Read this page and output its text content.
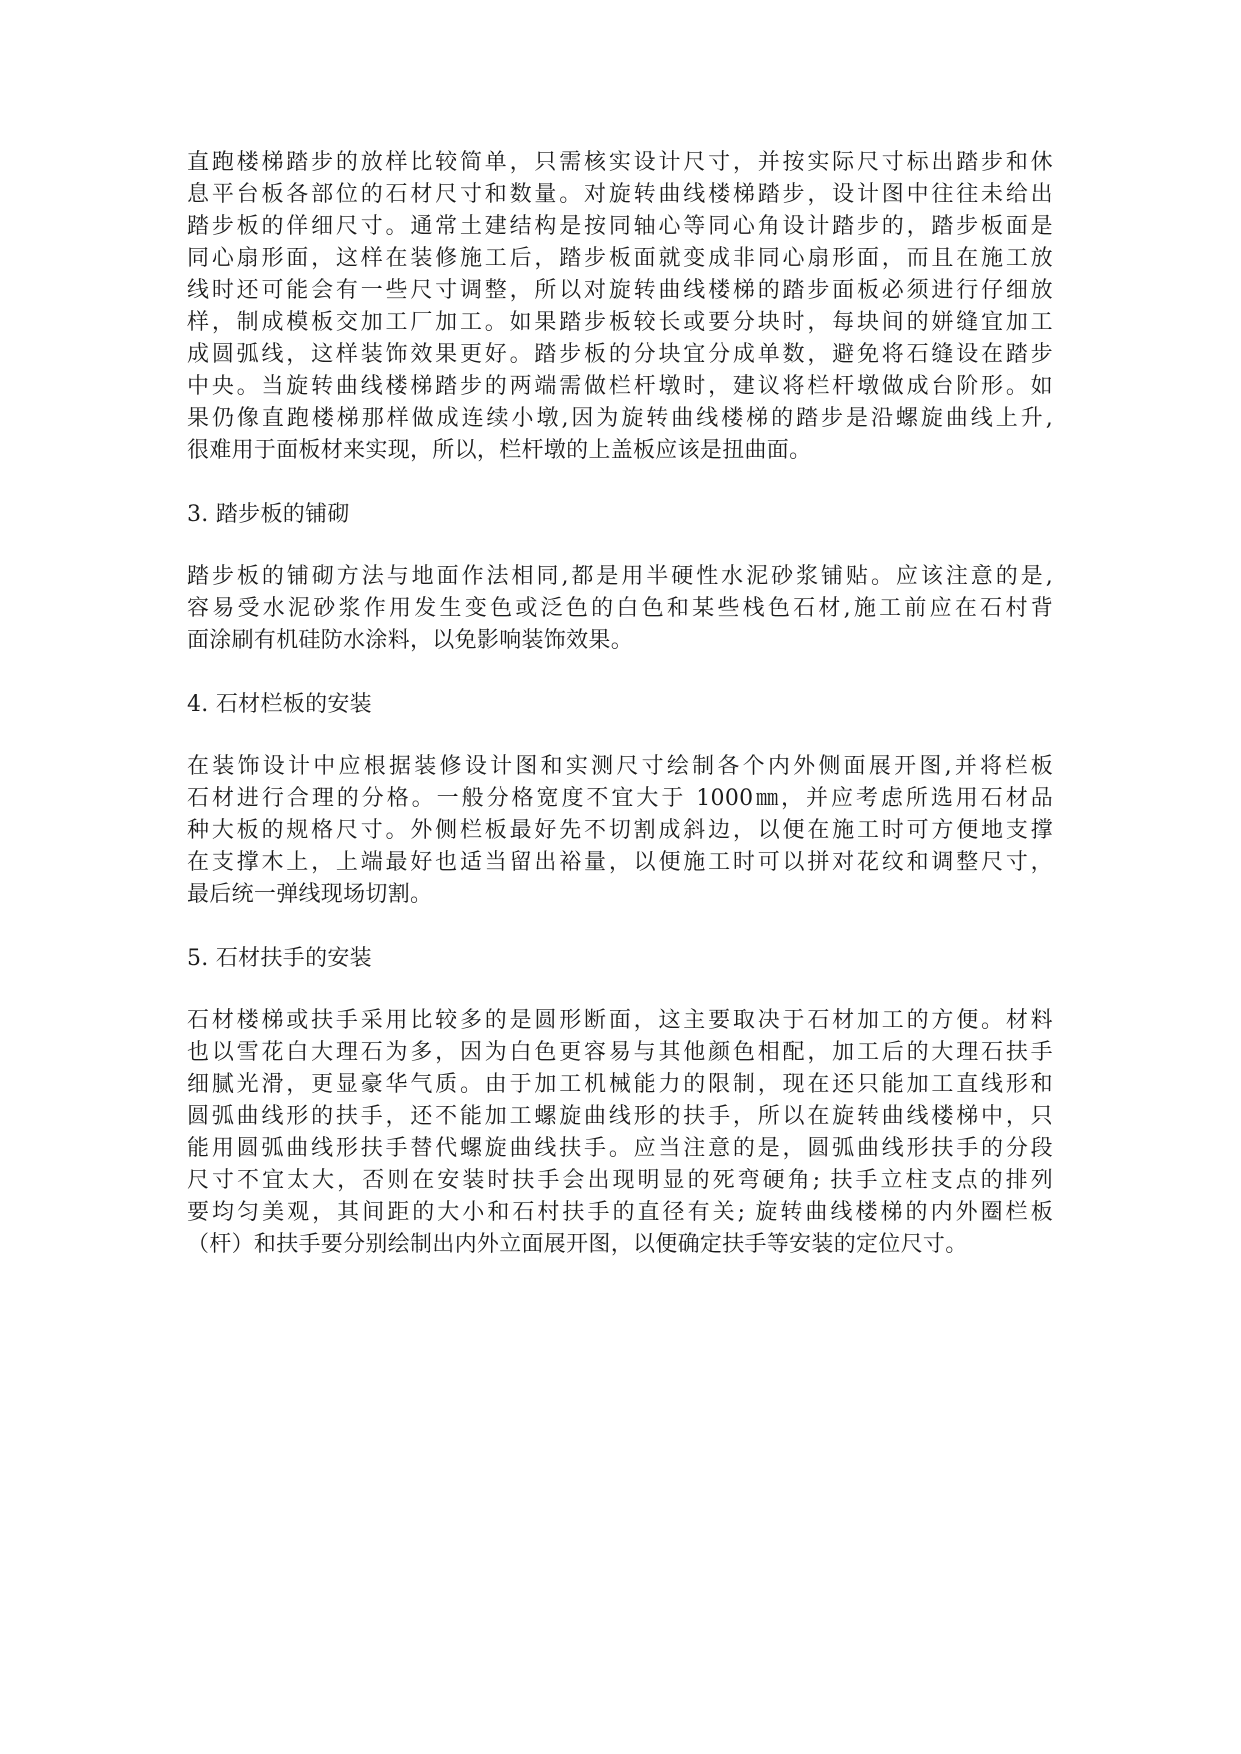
直跑楼梯踏步的放样比较简单，只需核实设计尺寸，并按实际尺寸标出踏步和休
息平台板各部位的石材尺寸和数量。对旋转曲线楼梯踏步，设计图中往往未给出
踏步板的佯细尺寸。通常土建结构是按同轴心等同心角设计踏步的，踏步板面是
同心扇形面，这样在装修施工后，踏步板面就变成非同心扇形面，而且在施工放
线时还可能会有一些尺寸调整，所以对旋转曲线楼梯的踏步面板必须进行仔细放
样，制成模板交加工厂加工。如果踏步板较长或要分块时，每块间的姘缝宜加工
成圆弧线，这样装饰效果更好。踏步板的分块宜分成单数，避免将石缝设在踏步
中央。当旋转曲线楼梯踏步的两端需做栏杆墩时，建议将栏杆墩做成台阶形。如
果仍像直跑楼梯那样做成连续小墩,因为旋转曲线楼梯的踏步是沿螺旋曲线上升,
很难用于面板材来实现，所以，栏杆墩的上盖板应该是扭曲面。

3. 踏步板的铺砌

踏步板的铺砌方法与地面作法相同,都是用半硬性水泥砂浆铺贴。应该注意的是,
容易受水泥砂浆作用发生变色或泛色的白色和某些栈色石材,施工前应在石村背
面涂刷有机硅防水涂料，以免影响装饰效果。

4. 石材栏板的安装

在装饰设计中应根据装修设计图和实测尺寸绘制各个内外侧面展开图,并将栏板
石材进行合理的分格。一般分格宽度不宜大于 1000㎜，并应考虑所选用石材品
种大板的规格尺寸。外侧栏板最好先不切割成斜边，以便在施工时可方便地支撑
在支撑木上，上端最好也适当留出裕量，以便施工时可以拼对花纹和调整尺寸，
最后统一弹线现场切割。

5. 石材扶手的安装

石材楼梯或扶手采用比较多的是圆形断面，这主要取决于石材加工的方便。材料
也以雪花白大理石为多，因为白色更容易与其他颜色相配，加工后的大理石扶手
细腻光滑，更显豪华气质。由于加工机械能力的限制，现在还只能加工直线形和
圆弧曲线形的扶手，还不能加工螺旋曲线形的扶手，所以在旋转曲线楼梯中，只
能用圆弧曲线形扶手替代螺旋曲线扶手。应当注意的是，圆弧曲线形扶手的分段
尺寸不宜太大，否则在安装时扶手会出现明显的死弯硬角; 扶手立柱支点的排列
要均匀美观，其间距的大小和石村扶手的直径有关; 旋转曲线楼梯的内外圈栏板
（杆）和扶手要分别绘制出内外立面展开图，以便确定扶手等安装的定位尺寸。
